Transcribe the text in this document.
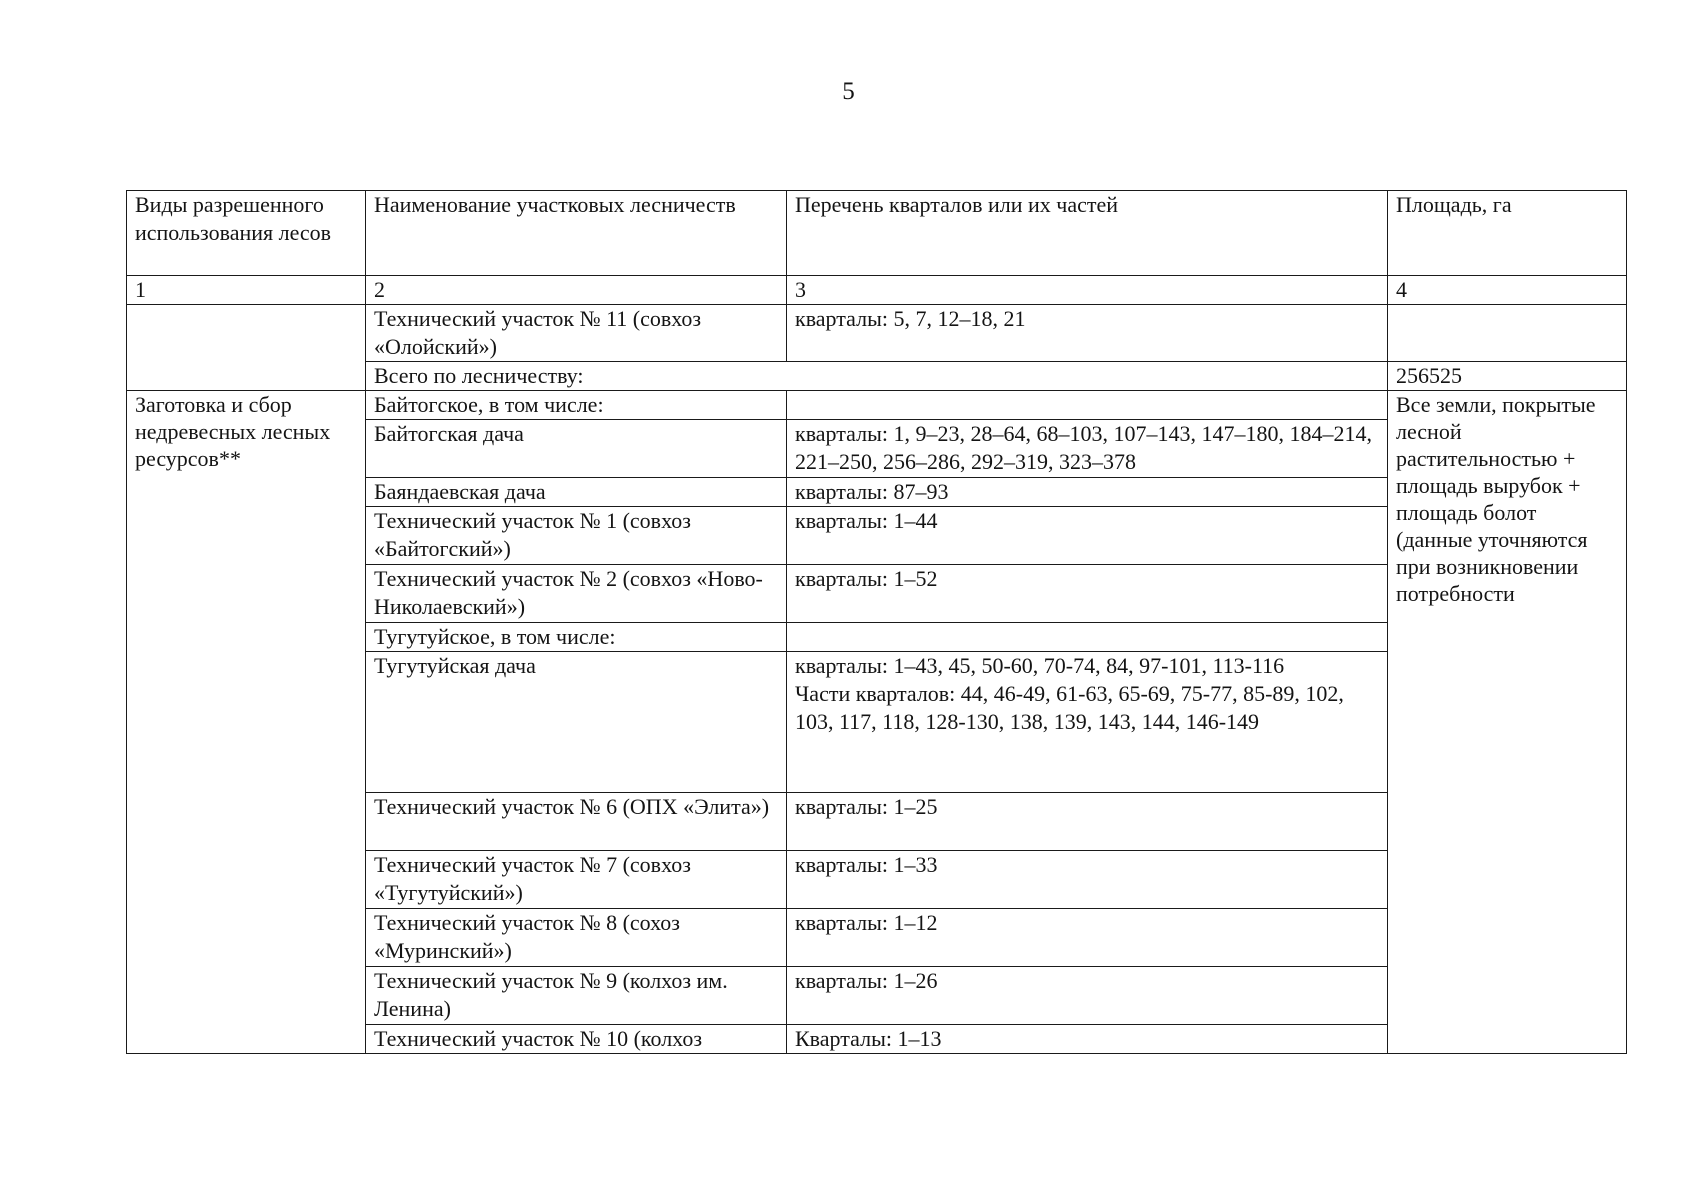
5
Виды разрешенного использования лесов	Наименование участковых лесничеств	Перечень кварталов или их частей	Площадь, га
1	2	3	4
	Технический участок № 11 (совхоз «Олойский»)	кварталы: 5, 7, 12–18, 21	
	Всего по лесничеству:		256525
Заготовка и сбор недревесных лесных ресурсов**	Байтогское, в том числе:		Все земли, покрытые лесной растительностью + площадь вырубок + площадь болот (данные уточняются при возникновении потребности
	Байтогская дача	кварталы: 1, 9–23, 28–64, 68–103, 107–143, 147–180, 184–214, 221–250, 256–286, 292–319, 323–378	
	Баяндаевская дача	кварталы: 87–93	
	Технический участок № 1 (совхоз «Байтогский»)	кварталы: 1–44	
	Технический участок № 2 (совхоз «Ново-Николаевский»)	кварталы: 1–52	
	Тугутуйское, в том числе:		
	Тугутуйская дача	кварталы: 1–43, 45, 50-60, 70-74, 84, 97-101, 113-116
Части кварталов: 44, 46-49, 61-63, 65-69, 75-77, 85-89, 102, 103, 117, 118, 128-130, 138, 139, 143, 144, 146-149	

	Технический участок № 6 (ОПХ «Элита»)	кварталы: 1–25	
	Технический участок № 7 (совхоз «Тугутуйский»)	кварталы: 1–33	
	Технический участок № 8 (сохоз «Муринский»)	кварталы: 1–12	
	Технический участок № 9 (колхоз им. Ленина)	кварталы: 1–26	
	Технический участок № 10 (колхоз	Кварталы: 1–13	
